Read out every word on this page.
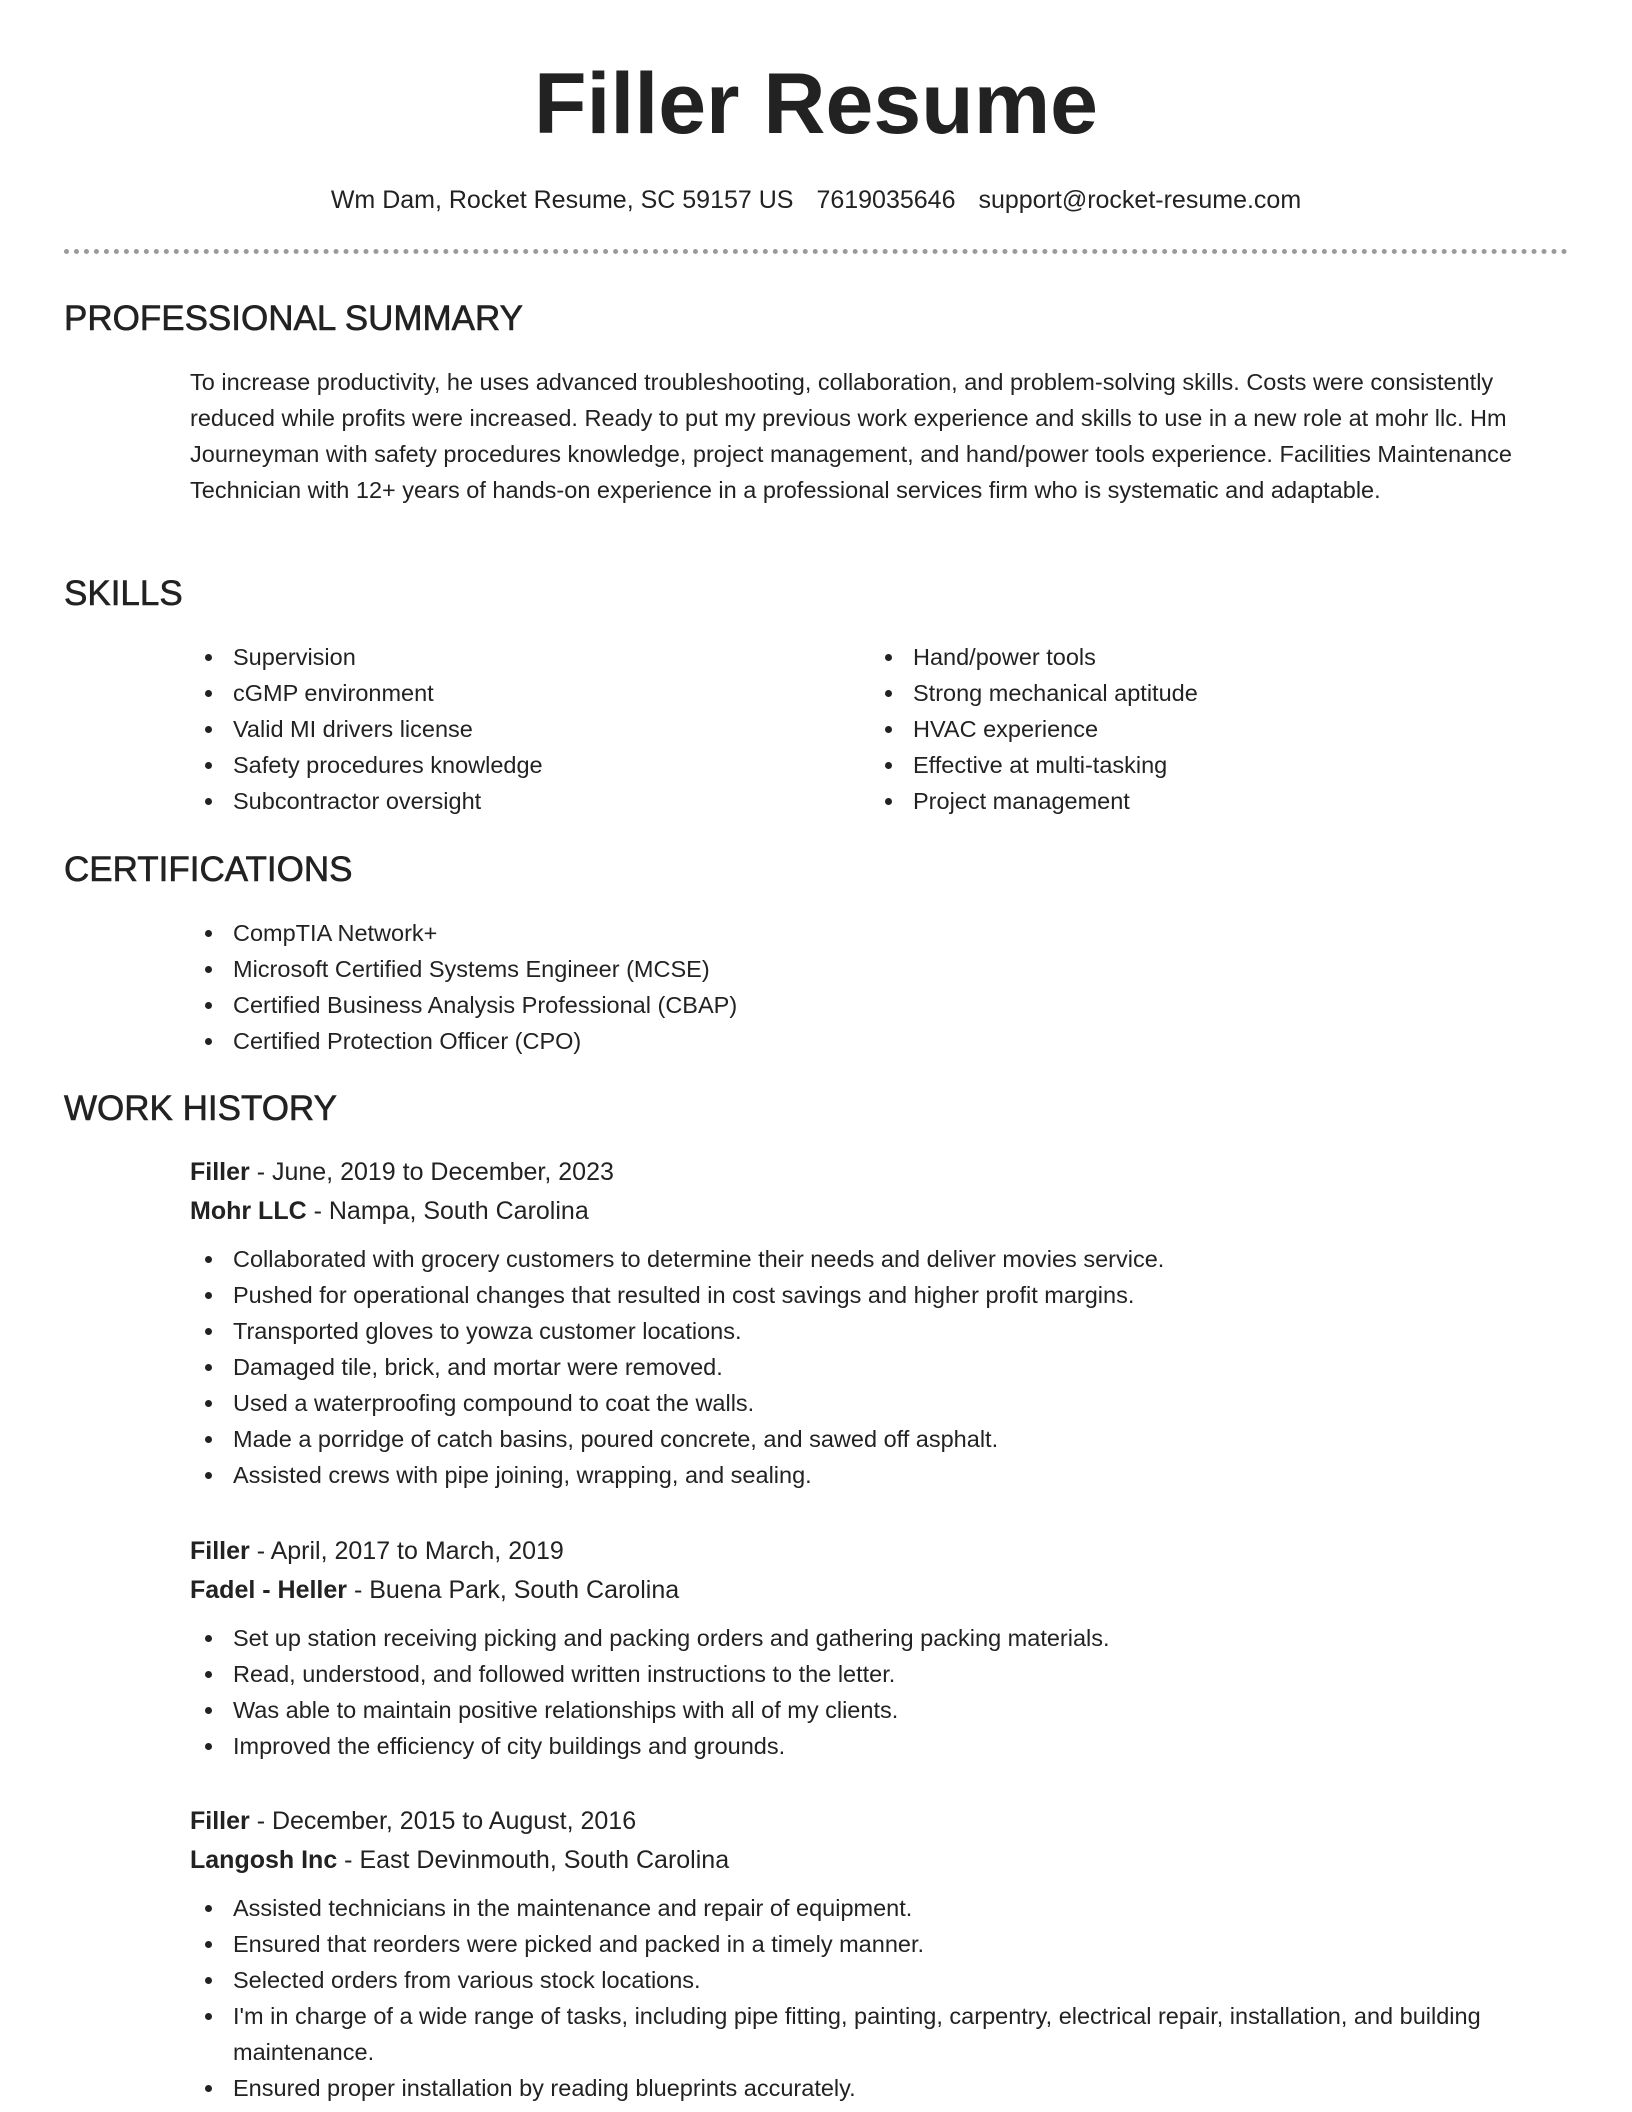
Filler Resume
Wm Dam, Rocket Resume, SC 59157 US 7619035646 support@rocket-resume.com
PROFESSIONAL SUMMARY

To increase productivity, he uses advanced troubleshooting, collaboration, and problem-solving skills. Costs were consistently reduced while profits were increased. Ready to put my previous work experience and skills to use in a new role at mohr llc. Hm Journeyman with safety procedures knowledge, project management, and hand/power tools experience. Facilities Maintenance Technician with 12+ years of hands-on experience in a professional services firm who is systematic and adaptable.

SKILLS
Supervision
cGMP environment
Valid MI drivers license
Safety procedures knowledge
Subcontractor oversight
Hand/power tools
Strong mechanical aptitude
HVAC experience
Effective at multi-tasking
Project management
CERTIFICATIONS
CompTIA Network+
Microsoft Certified Systems Engineer (MCSE)
Certified Business Analysis Professional (CBAP)
Certified Protection Officer (CPO)
WORK HISTORY

Filler - June, 2019 to December, 2023

Mohr LLC - Nampa, South Carolina

Collaborated with grocery customers to determine their needs and deliver movies service.
Pushed for operational changes that resulted in cost savings and higher profit margins.
Transported gloves to yowza customer locations.
Damaged tile, brick, and mortar were removed.
Used a waterproofing compound to coat the walls.
Made a porridge of catch basins, poured concrete, and sawed off asphalt.
Assisted crews with pipe joining, wrapping, and sealing.

Filler - April, 2017 to March, 2019

Fadel - Heller - Buena Park, South Carolina

Set up station receiving picking and packing orders and gathering packing materials.
Read, understood, and followed written instructions to the letter.
Was able to maintain positive relationships with all of my clients.
Improved the efficiency of city buildings and grounds.

Filler - December, 2015 to August, 2016

Langosh Inc - East Devinmouth, South Carolina

Assisted technicians in the maintenance and repair of equipment.
Ensured that reorders were picked and packed in a timely manner.
Selected orders from various stock locations.
I'm in charge of a wide range of tasks, including pipe fitting, painting, carpentry, electrical repair, installation, and building maintenance.
Ensured proper installation by reading blueprints accurately.
